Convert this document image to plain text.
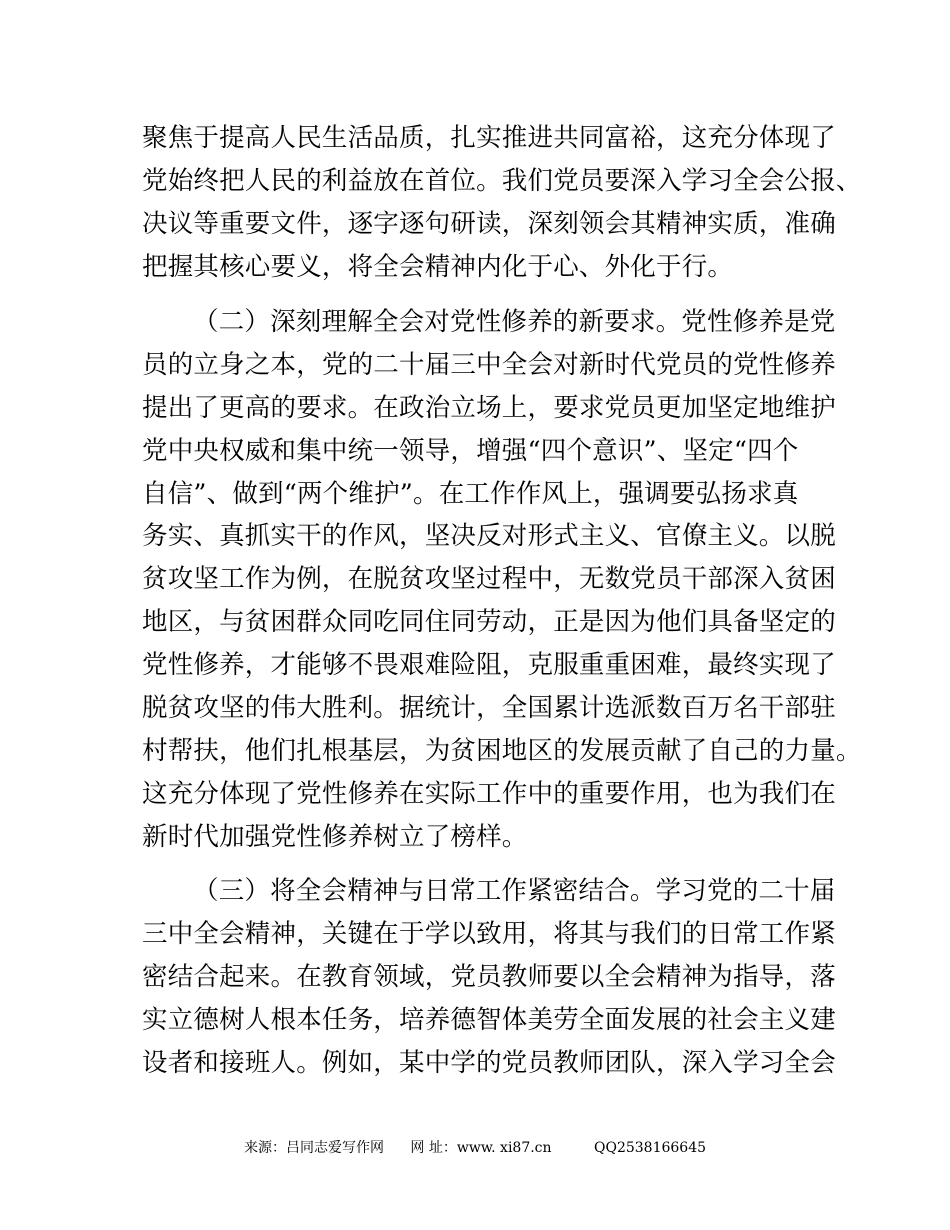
聚焦于提高人民生活品质，扎实推进共同富裕，这充分体现了
党始终把人民的利益放在首位。我们党员要深入学习全会公报、
决议等重要文件，逐字逐句研读，深刻领会其精神实质，准确
把握其核心要义，将全会精神内化于心、外化于行。
（二）深刻理解全会对党性修养的新要求。党性修养是党
员的立身之本，党的二十届三中全会对新时代党员的党性修养
提出了更高的要求。在政治立场上，要求党员更加坚定地维护
党中央权威和集中统一领导，增强“四个意识”、坚定“四个
自信”、做到“两个维护”。在工作作风上，强调要弘扬求真
务实、真抓实干的作风，坚决反对形式主义、官僚主义。以脱
贫攻坚工作为例，在脱贫攻坚过程中，无数党员干部深入贫困
地区，与贫困群众同吃同住同劳动，正是因为他们具备坚定的
党性修养，才能够不畏艰难险阻，克服重重困难，最终实现了
脱贫攻坚的伟大胜利。据统计，全国累计选派数百万名干部驻
村帮扶，他们扎根基层，为贫困地区的发展贡献了自己的力量。
这充分体现了党性修养在实际工作中的重要作用，也为我们在
新时代加强党性修养树立了榜样。
（三）将全会精神与日常工作紧密结合。学习党的二十届
三中全会精神，关键在于学以致用，将其与我们的日常工作紧
密结合起来。在教育领域，党员教师要以全会精神为指导，落
实立德树人根本任务，培养德智体美劳全面发展的社会主义建
设者和接班人。例如，某中学的党员教师团队，深入学习全会
来源：吕同志爱写作网 网 址：www. xi87.cn	QQ2538166645
